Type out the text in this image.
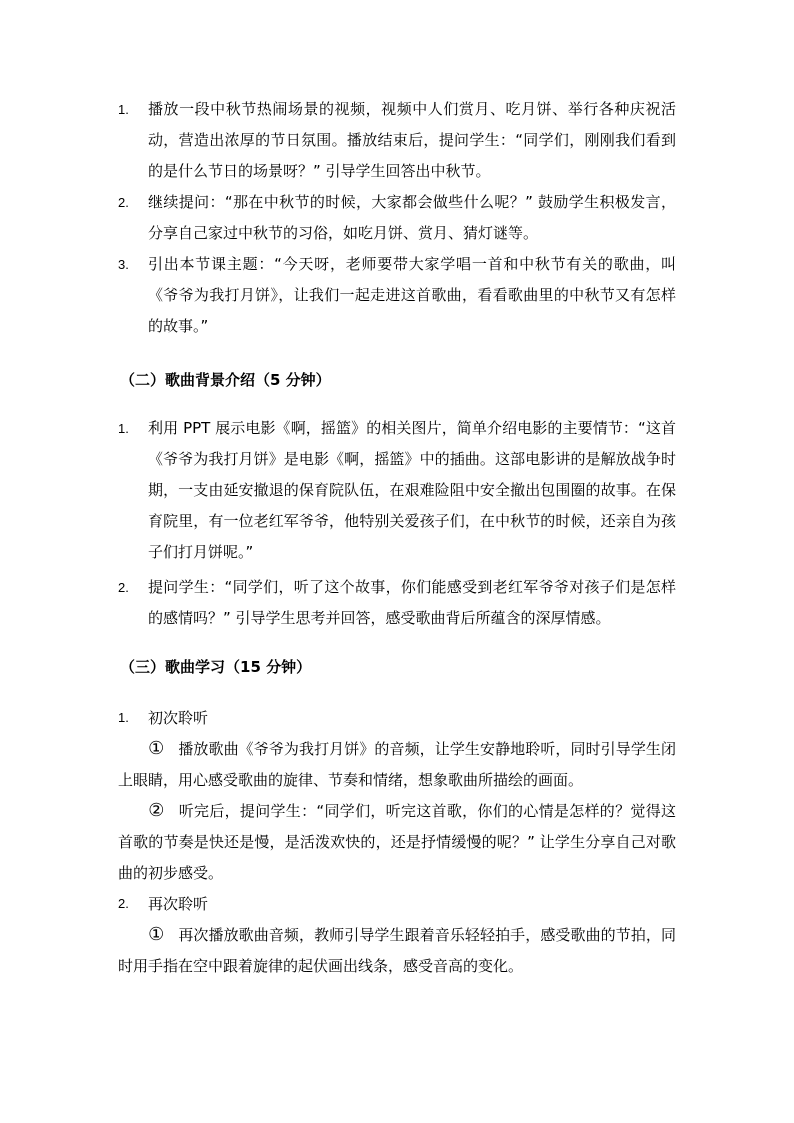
1. 播放一段中秋节热闹场景的视频，视频中人们赏月、吃月饼、举行各种庆祝活动，营造出浓厚的节日氛围。播放结束后，提问学生：“同学们，刚刚我们看到的是什么节日的场景呀？” 引导学生回答出中秋节。
2. 继续提问：“那在中秋节的时候，大家都会做些什么呢？” 鼓励学生积极发言，分享自己家过中秋节的习俗，如吃月饼、赏月、猜灯谜等。
3. 引出本节课主题：“今天呀，老师要带大家学唱一首和中秋节有关的歌曲，叫《爷爷为我打月饼》，让我们一起走进这首歌曲，看看歌曲里的中秋节又有怎样的故事。”
（二）歌曲背景介绍（5 分钟）
1. 利用 PPT 展示电影《啊，摇篮》的相关图片，简单介绍电影的主要情节：“这首《爷爷为我打月饼》是电影《啊，摇篮》中的插曲。这部电影讲的是解放战争时期，一支由延安撤退的保育院队伍，在艰难险阻中安全撤出包围圈的故事。在保育院里，有一位老红军爷爷，他特别关爱孩子们，在中秋节的时候，还亲自为孩子们打月饼呢。”
2. 提问学生：“同学们，听了这个故事，你们能感受到老红军爷爷对孩子们是怎样的感情吗？” 引导学生思考并回答，感受歌曲背后所蕴含的深厚情感。
（三）歌曲学习（15 分钟）
1. 初次聆听
① 播放歌曲《爷爷为我打月饼》的音频，让学生安静地聆听，同时引导学生闭上眼睛，用心感受歌曲的旋律、节奏和情绪，想象歌曲所描绘的画面。
② 听完后，提问学生：“同学们，听完这首歌，你们的心情是怎样的？觉得这首歌的节奏是快还是慢，是活泼欢快的，还是抒情缓慢的呢？” 让学生分享自己对歌曲的初步感受。
2. 再次聆听
① 再次播放歌曲音频，教师引导学生跟着音乐轻轻拍手，感受歌曲的节拍，同时用手指在空中跟着旋律的起伏画出线条，感受音高的变化。
